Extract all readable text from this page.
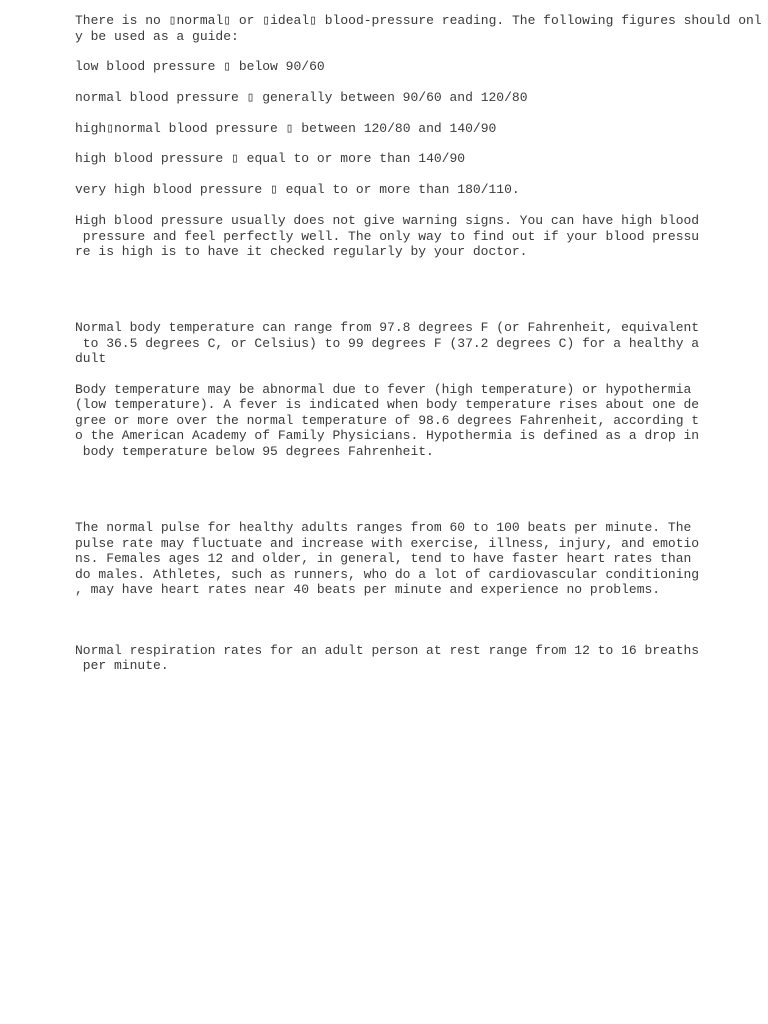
There is no ▯normal▯ or ▯ideal▯ blood-pressure reading. The following figures should onl

y be used as a guide:

low blood pressure ▯ below 90/60

normal blood pressure ▯ generally between 90/60 and 120/80

high▯normal blood pressure ▯ between 120/80 and 140/90

high blood pressure ▯ equal to or more than 140/90

very high blood pressure ▯ equal to or more than 180/110.

High blood pressure usually does not give warning signs. You can have high blood

pressure and feel perfectly well. The only way to find out if your blood pressu

re is high is to have it checked regularly by your doctor.

Normal body temperature can range from 97.8 degrees F (or Fahrenheit, equivalent

to 36.5 degrees C, or Celsius) to 99 degrees F (37.2 degrees C) for a healthy a

dult

Body temperature may be abnormal due to fever (high temperature) or hypothermia

(low temperature). A fever is indicated when body temperature rises about one de

gree or more over the normal temperature of 98.6 degrees Fahrenheit, according t

o the American Academy of Family Physicians. Hypothermia is defined as a drop in

body temperature below 95 degrees Fahrenheit.

The normal pulse for healthy adults ranges from 60 to 100 beats per minute. The

pulse rate may fluctuate and increase with exercise, illness, injury, and emotio

ns. Females ages 12 and older, in general, tend to have faster heart rates than

do males. Athletes, such as runners, who do a lot of cardiovascular conditioning

, may have heart rates near 40 beats per minute and experience no problems.

Normal respiration rates for an adult person at rest range from 12 to 16 breaths

per minute.
